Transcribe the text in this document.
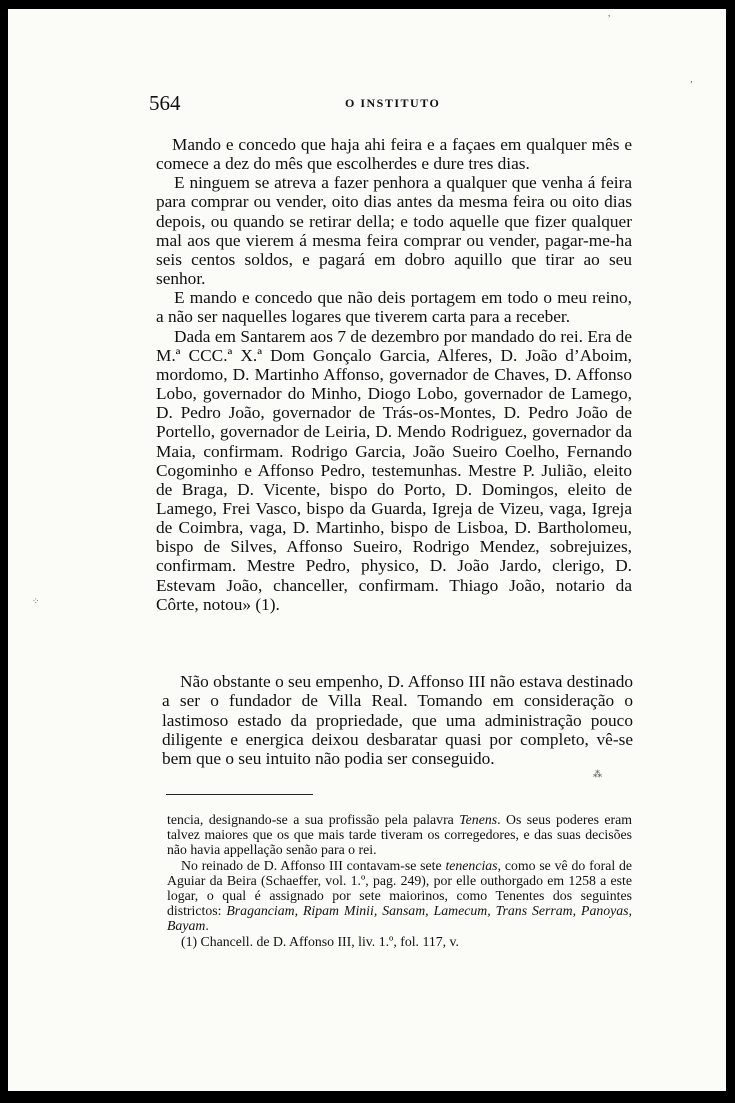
564	O INSTITUTO

Mando e concedo que haja ahi feira e a façaes em qualquer mês e comece a dez do mês que escolherdes e dure tres dias.

E ninguem se atreva a fazer penhora a qualquer que venha á feira para comprar ou vender, oito dias antes da mesma feira ou oito dias depois, ou quando se retirar della; e todo aquelle que fizer qualquer mal aos que vierem á mesma feira comprar ou vender, pagar-me-ha seis centos soldos, e pagará em dobro aquillo que tirar ao seu senhor.

E mando e concedo que não deis portagem em todo o meu reino, a não ser naquelles logares que tiverem carta para a receber.

Dada em Santarem aos 7 de dezembro por mandado do rei. Era de M.ª CCC.ª X.ª Dom Gonçalo Garcia, Alferes, D. João d’Aboim, mordomo, D. Martinho Affonso, governador de Chaves, D. Affonso Lobo, governador do Minho, Diogo Lobo, governador de Lamego, D. Pedro João, governador de Trás-os-Montes, D. Pedro João de Portello, governador de Leiria, D. Mendo Rodriguez, governador da Maia, confirmam. Rodrigo Garcia, João Sueiro Coelho, Fernando Cogominho e Affonso Pedro, testemunhas. Mestre P. Julião, eleito de Braga, D. Vicente, bispo do Porto, D. Domingos, eleito de Lamego, Frei Vasco, bispo da Guarda, Igreja de Vizeu, vaga, Igreja de Coimbra, vaga, D. Martinho, bispo de Lisboa, D. Bartholomeu, bispo de Silves, Affonso Sueiro, Rodrigo Mendez, sobrejuizes, confirmam. Mestre Pedro, physico, D. João Jardo, clerigo, D. Estevam João, chanceller, confirmam. Thiago João, notario da Côrte, notou» (1).

Não obstante o seu empenho, D. Affonso III não estava destinado a ser o fundador de Villa Real. Tomando em consideração o lastimoso estado da propriedade, que uma administração pouco diligente e energica deixou desbaratar quasi por completo, vê-se bem que o seu intuito não podia ser conseguido.

tencia, designando-se a sua profissão pela palavra Tenens. Os seus poderes eram talvez maiores que os que mais tarde tiveram os corregedores, e das suas decisões não havia appellação senão para o rei.

No reinado de D. Affonso III contavam-se sete tenencias, como se vê do foral de Aguiar da Beira (Schaeffer, vol. 1.º, pag. 249), por elle outhorgado em 1258 a este logar, o qual é assignado por sete maiorinos, como Tenentes dos seguintes districtos: Braganciam, Ripam Minii, Sansam, Lamecum, Trans Serram, Panoyas, Bayam.

(1) Chancell. de D. Affonso III, liv. 1.º, fol. 117, v.

,
‚
⁘
⁂
